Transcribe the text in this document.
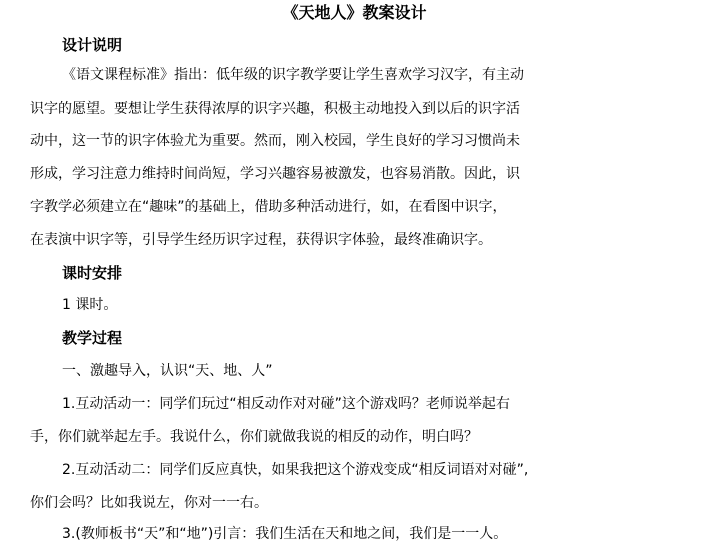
《天地人》教案设计
设计说明
《语文课程标准》指出：低年级的识字教学要让学生喜欢学习汉字，有主动
识字的愿望。要想让学生获得浓厚的识字兴趣，积极主动地投入到以后的识字活
动中，这一节的识字体验尤为重要。然而，刚入校园，学生良好的学习习惯尚未
形成，学习注意力维持时间尚短，学习兴趣容易被激发，也容易消散。因此，识
字教学必须建立在“趣味”的基础上，借助多种活动进行，如，在看图中识字，
在表演中识字等，引导学生经历识字过程，获得识字体验，最终准确识字。
课时安排
1 课时。
教学过程
一、激趣导入，认识“天、地、人”
1.互动活动一：同学们玩过“相反动作对对碰”这个游戏吗？老师说举起右
手，你们就举起左手。我说什么，你们就做我说的相反的动作，明白吗？
2.互动活动二：同学们反应真快，如果我把这个游戏变成“相反词语对对碰”,
你们会吗？比如我说左，你对一一右。
3.(教师板书“天”和“地”)引言：我们生活在天和地之间，我们是一一人。
